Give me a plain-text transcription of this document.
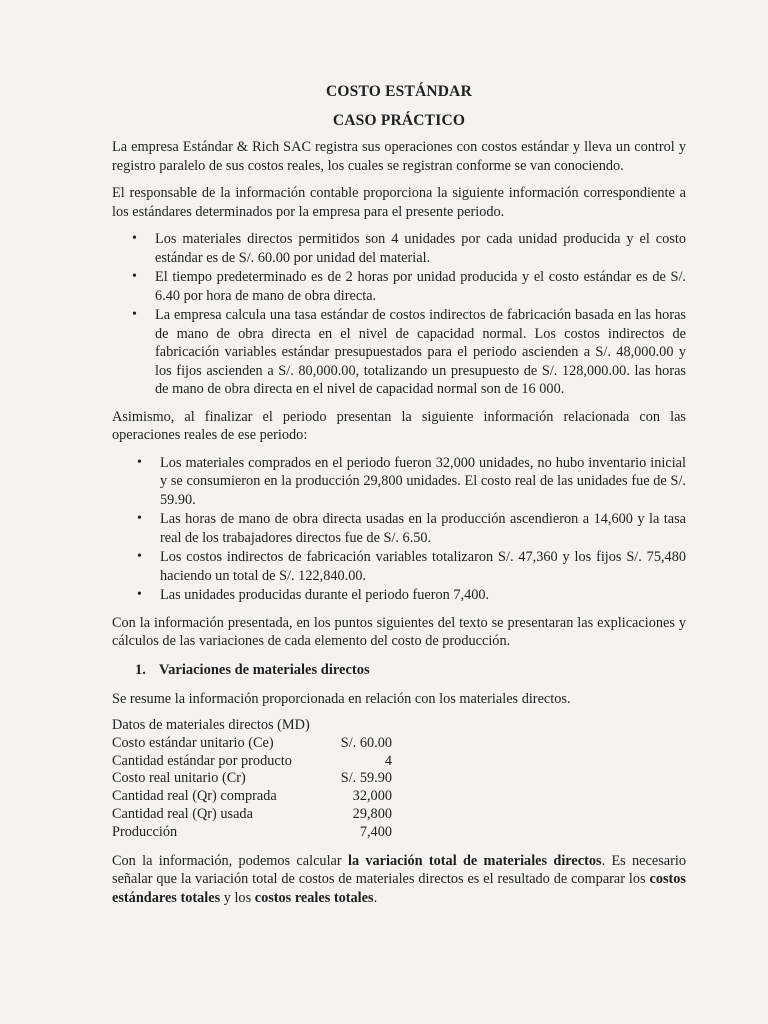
COSTO ESTÁNDAR
CASO PRÁCTICO

La empresa Estándar & Rich SAC registra sus operaciones con costos estándar y lleva un control y registro paralelo de sus costos reales, los cuales se registran conforme se van conociendo.

El responsable de la información contable proporciona la siguiente información correspondiente a los estándares determinados por la empresa para el presente periodo.

• Los materiales directos permitidos son 4 unidades por cada unidad producida y el costo estándar es de S/. 60.00 por unidad del material.
• El tiempo predeterminado es de 2 horas por unidad producida y el costo estándar es de S/. 6.40 por hora de mano de obra directa.
• La empresa calcula una tasa estándar de costos indirectos de fabricación basada en las horas de mano de obra directa en el nivel de capacidad normal. Los costos indirectos de fabricación variables estándar presupuestados para el periodo ascienden a S/. 48,000.00 y los fijos ascienden a S/. 80,000.00, totalizando un presupuesto de S/. 128,000.00. las horas de mano de obra directa en el nivel de capacidad normal son de 16 000.

Asimismo, al finalizar el periodo presentan la siguiente información relacionada con las operaciones reales de ese periodo:

• Los materiales comprados en el periodo fueron 32,000 unidades, no hubo inventario inicial y se consumieron en la producción 29,800 unidades. El costo real de las unidades fue de S/. 59.90.
• Las horas de mano de obra directa usadas en la producción ascendieron a 14,600 y la tasa real de los trabajadores directos fue de S/. 6.50.
• Los costos indirectos de fabricación variables totalizaron S/. 47,360 y los fijos S/. 75,480 haciendo un total de S/. 122,840.00.
• Las unidades producidas durante el periodo fueron 7,400.

Con la información presentada, en los puntos siguientes del texto se presentaran las explicaciones y cálculos de las variaciones de cada elemento del costo de producción.

1. Variaciones de materiales directos

Se resume la información proporcionada en relación con los materiales directos.

Datos de materiales directos (MD)	
Costo estándar unitario (Ce)	S/. 60.00
Cantidad estándar por producto	4
Costo real unitario (Cr)	S/. 59.90
Cantidad real (Qr) comprada	32,000
Cantidad real (Qr) usada	29,800
Producción	7,400

Con la información, podemos calcular la variación total de materiales directos. Es necesario señalar que la variación total de costos de materiales directos es el resultado de comparar los costos estándares totales y los costos reales totales.
